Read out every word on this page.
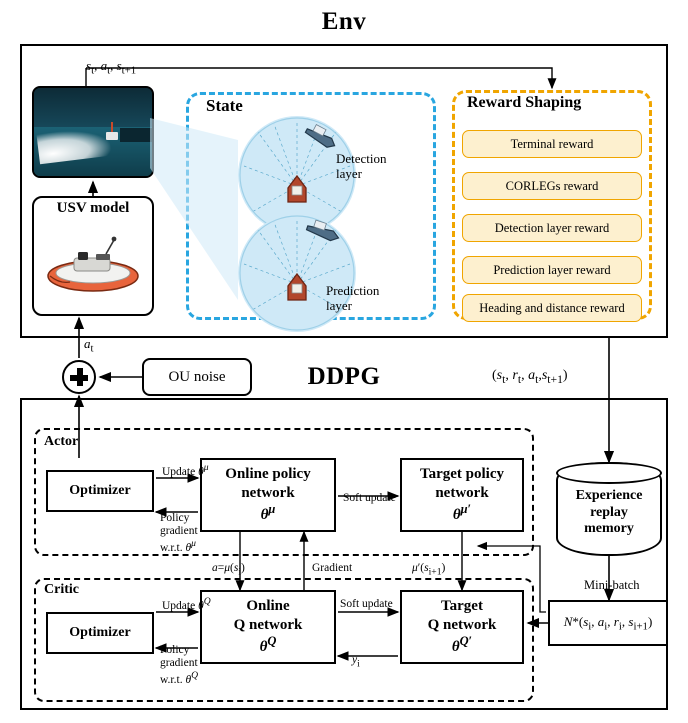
Env
DDPG
$s_t$, $a_t$, $s_{t+1}$
USV model
State
Detection
layer
Prediction
layer
Reward Shaping
Terminal reward
CORLEGs reward
Detection layer reward
Prediction layer reward
Heading and distance reward
OU noise
$a_t$
($s_t$, $r_t$, $a_t,s_{t+1}$)
Actor
Optimizer
Online policy
network
$\theta^\mu$
Target policy
network
$\theta^{\mu'}$
Update $\theta^\mu$
Soft update
Policy
gradient
w.r.t. $\theta^\mu$
Critic
Optimizer
Online
Q network
$\theta^Q$
Target
Q network
$\theta^{Q'}$
Update $\theta^Q$	Soft update
Policy
gradient
w.r.t. $\theta^Q$
$y_i$
$a=\mu(s_i)$	Gradient	$\mu'(s_{i+1})$
Experience
replay
memory
Mini-batch
$N*(s_i$, $a_i$, $r_i$, $s_{i+1}$)
